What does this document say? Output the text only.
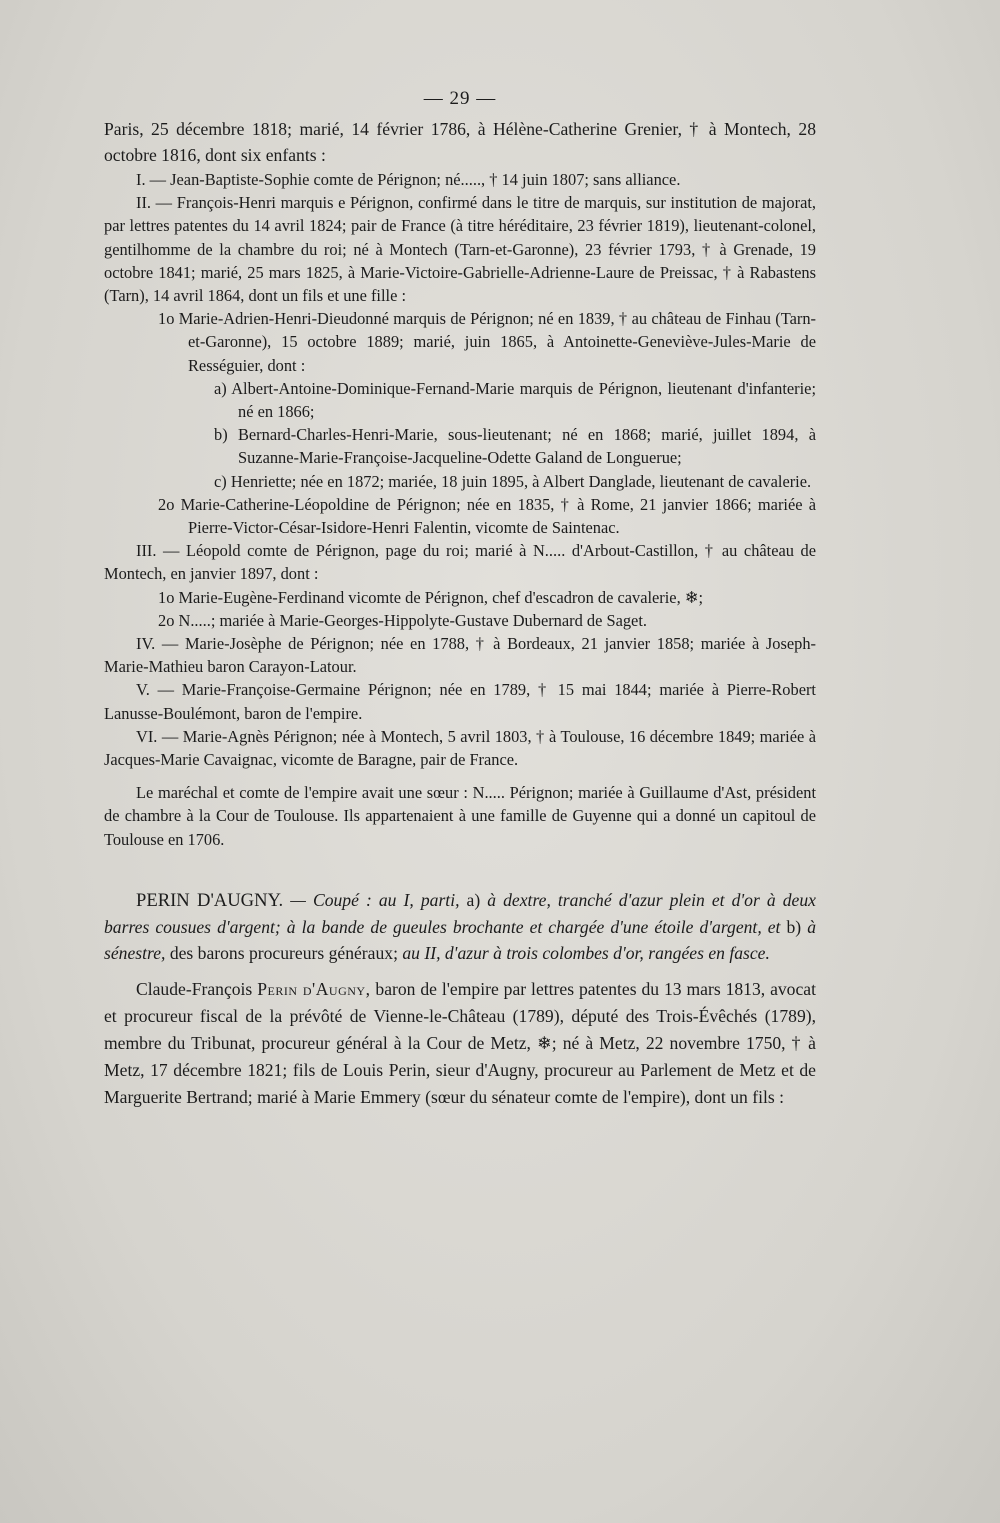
— 29 —

Paris, 25 décembre 1818; marié, 14 février 1786, à Hélène-Catherine Grenier, † à Montech, 28 octobre 1816, dont six enfants :

I. — Jean-Baptiste-Sophie comte de Pérignon; né....., † 14 juin 1807; sans alliance.

II. — François-Henri marquis e Pérignon, confirmé dans le titre de marquis, sur institution de majorat, par lettres patentes du 14 avril 1824; pair de France (à titre héréditaire, 23 février 1819), lieutenant-colonel, gentilhomme de la chambre du roi; né à Montech (Tarn-et-Garonne), 23 février 1793, † à Grenade, 19 octobre 1841; marié, 25 mars 1825, à Marie-Victoire-Gabrielle-Adrienne-Laure de Preissac, † à Rabastens (Tarn), 14 avril 1864, dont un fils et une fille :

1o Marie-Adrien-Henri-Dieudonné marquis de Pérignon; né en 1839, † au château de Finhau (Tarn-et-Garonne), 15 octobre 1889; marié, juin 1865, à Antoinette-Geneviève-Jules-Marie de Rességuier, dont :

a) Albert-Antoine-Dominique-Fernand-Marie marquis de Pérignon, lieutenant d'infanterie; né en 1866;

b) Bernard-Charles-Henri-Marie, sous-lieutenant; né en 1868; marié, juillet 1894, à Suzanne-Marie-Françoise-Jacqueline-Odette Galand de Longuerue;

c) Henriette; née en 1872; mariée, 18 juin 1895, à Albert Danglade, lieutenant de cavalerie.

2o Marie-Catherine-Léopoldine de Pérignon; née en 1835, † à Rome, 21 janvier 1866; mariée à Pierre-Victor-César-Isidore-Henri Falentin, vicomte de Saintenac.

III. — Léopold comte de Pérignon, page du roi; marié à N..... d'Arbout-Castillon, † au château de Montech, en janvier 1897, dont :

1o Marie-Eugène-Ferdinand vicomte de Pérignon, chef d'escadron de cavalerie, ❄;

2o N.....; mariée à Marie-Georges-Hippolyte-Gustave Dubernard de Saget.

IV. — Marie-Josèphe de Pérignon; née en 1788, † à Bordeaux, 21 janvier 1858; mariée à Joseph-Marie-Mathieu baron Carayon-Latour.

V. — Marie-Françoise-Germaine Pérignon; née en 1789, † 15 mai 1844; mariée à Pierre-Robert Lanusse-Boulémont, baron de l'empire.

VI. — Marie-Agnès Pérignon; née à Montech, 5 avril 1803, † à Toulouse, 16 décembre 1849; mariée à Jacques-Marie Cavaignac, vicomte de Baragne, pair de France.

Le maréchal et comte de l'empire avait une sœur : N..... Pérignon; mariée à Guillaume d'Ast, président de chambre à la Cour de Toulouse. Ils appartenaient à une famille de Guyenne qui a donné un capitoul de Toulouse en 1706.

PERIN D'AUGNY. — Coupé : au I, parti, a) à dextre, tranché d'azur plein et d'or à deux barres cousues d'argent; à la bande de gueules brochante et chargée d'une étoile d'argent, et b) à sénestre, des barons procureurs généraux; au II, d'azur à trois colombes d'or, rangées en fasce.

Claude-François Perin d'Augny, baron de l'empire par lettres patentes du 13 mars 1813, avocat et procureur fiscal de la prévôté de Vienne-le-Château (1789), député des Trois-Évêchés (1789), membre du Tribunat, procureur général à la Cour de Metz, ❄; né à Metz, 22 novembre 1750, † à Metz, 17 décembre 1821; fils de Louis Perin, sieur d'Augny, procureur au Parlement de Metz et de Marguerite Bertrand; marié à Marie Emmery (sœur du sénateur comte de l'empire), dont un fils :
